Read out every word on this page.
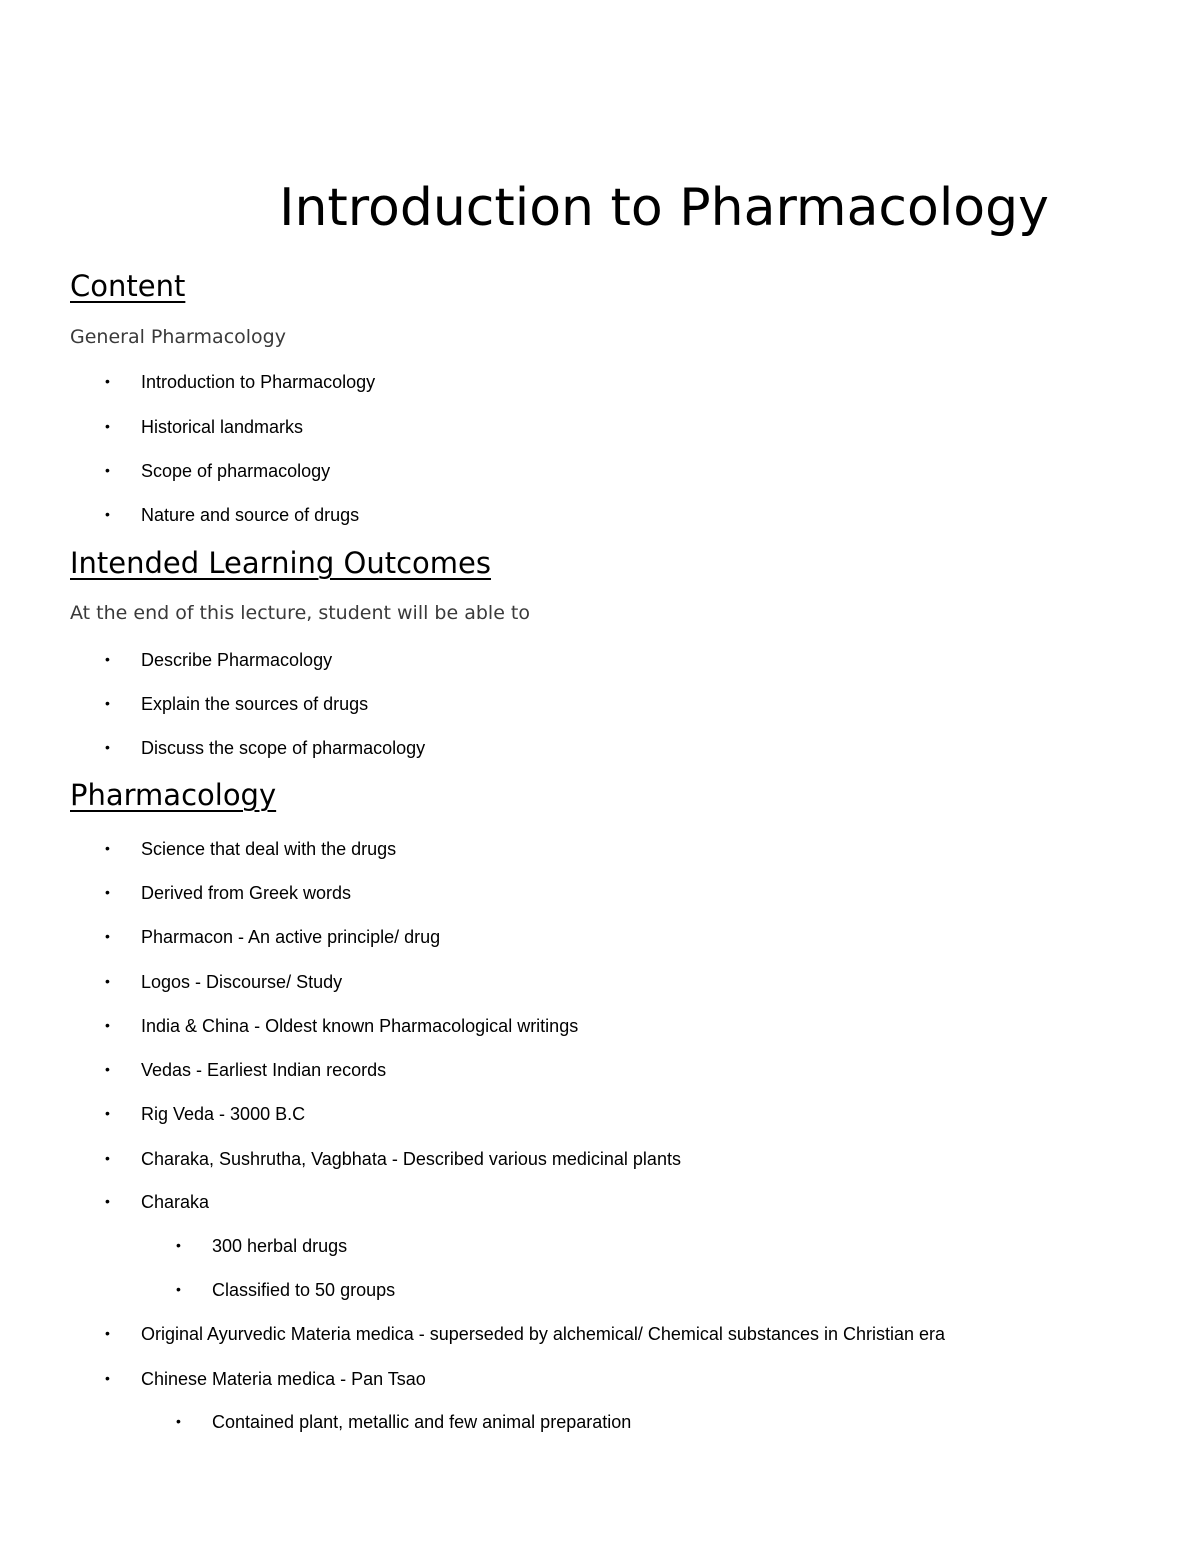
Introduction to Pharmacology
Content

General Pharmacology

• Introduction to Pharmacology
• Historical landmarks
• Scope of pharmacology
• Nature and source of drugs
Intended Learning Outcomes

At the end of this lecture, student will be able to

• Describe Pharmacology
• Explain the sources of drugs
• Discuss the scope of pharmacology
Pharmacology
• Science that deal with the drugs
• Derived from Greek words
• Pharmacon - An active principle/ drug
• Logos - Discourse/ Study
• India & China - Oldest known Pharmacological writings
• Vedas - Earliest Indian records
• Rig Veda - 3000 B.C
• Charaka, Sushrutha, Vagbhata - Described various medicinal plants
• Charaka
• 300 herbal drugs
• Classified to 50 groups
• Original Ayurvedic Materia medica - superseded by alchemical/ Chemical substances in Christian era
• Chinese Materia medica - Pan Tsao
• Contained plant, metallic and few animal preparation
